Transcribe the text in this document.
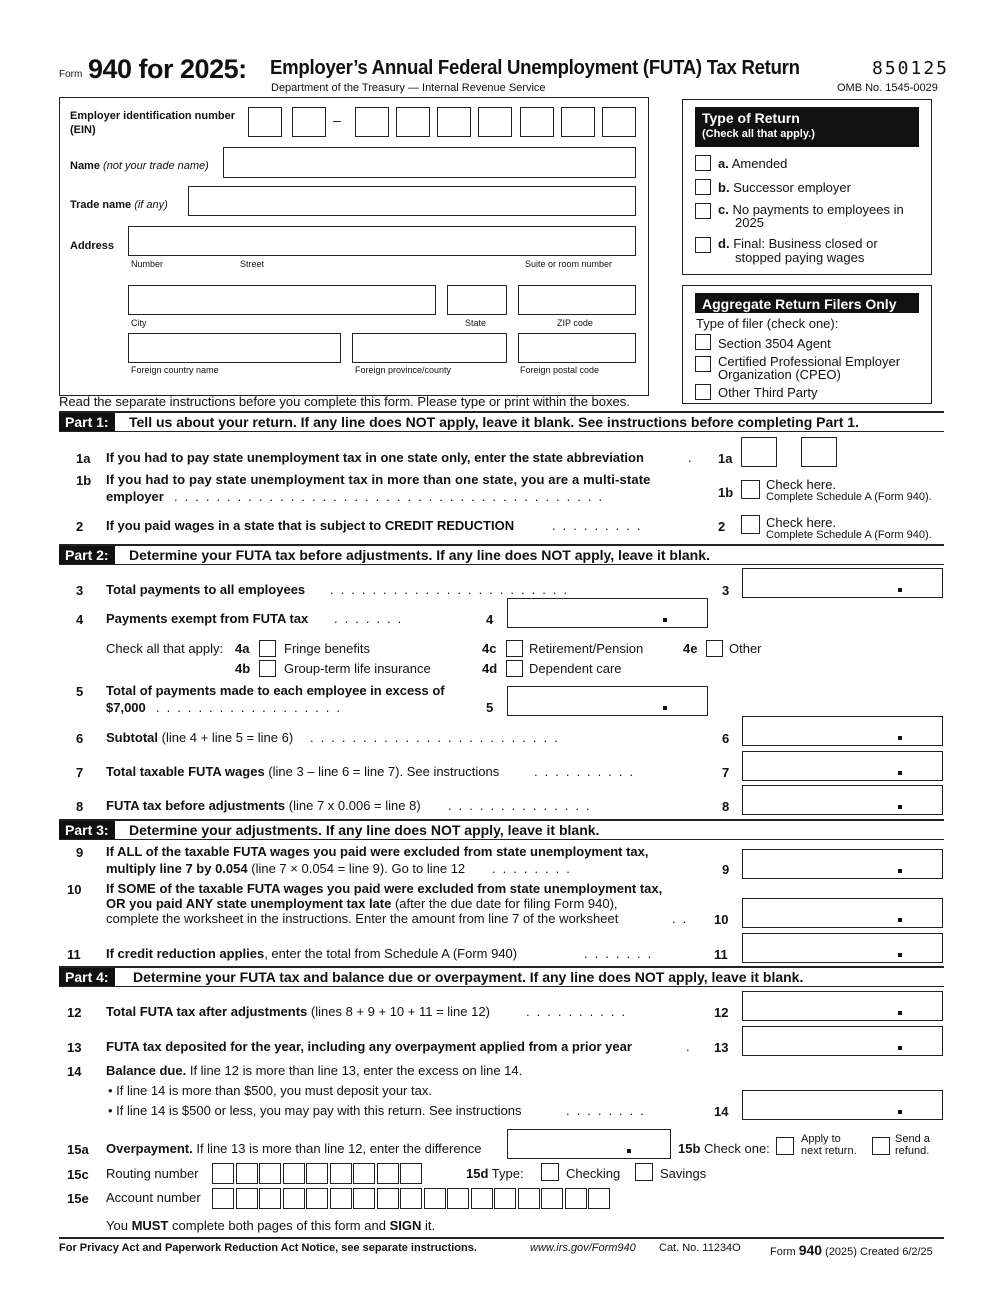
Form 940 for 2025: Employer’s Annual Federal Unemployment (FUTA) Tax Return
Department of the Treasury — Internal Revenue Service
850125
OMB No. 1545-0029
Employer identification number
(EIN)
–
Name (not your trade name)
Trade name (if any)
Address
Number	Street	Suite or room number
City	State	ZIP code
Foreign country name	Foreign province/county	Foreign postal code
Type of Return
(Check all that apply.)
a. Amended
b. Successor employer
c. No payments to employees in
2025
d. Final: Business closed or
stopped paying wages
Aggregate Return Filers Only
Type of filer (check one):
Section 3504 Agent
Certified Professional Employer
Organization (CPEO)
Other Third Party
Read the separate instructions before you complete this form. Please type or print within the boxes.
Part 1:	Tell us about your return. If any line does NOT apply, leave it blank. See instructions before completing Part 1.
1a If you had to pay state unemployment tax in one state only, enter the state abbreviation	. 1a
1b If you had to pay state unemployment tax in more than one state, you are a multi-state
employer .........................................	1b
Check here.
Complete Schedule A (Form 940).
2 If you paid wages in a state that is subject to CREDIT REDUCTION	.........	2	Check here.
Complete Schedule A (Form 940).
Part 2:	Determine your FUTA tax before adjustments. If any line does NOT apply, leave it blank.
3 Total payments to all employees .......................	3
4 Payments exempt from FUTA tax .......	4
Check all that apply: 4a	Fringe benefits
4b	Group-term life insurance
4c	Retirement/Pension
4d Dependent care
4e Other
5 Total of payments made to each employee in excess of
$7,000 ..................	5
6 Subtotal (line 4 + line 5 = line 6) ........................	6
7 Total taxable FUTA wages (line 3 – line 6 = line 7). See instructions	..........	7
8 FUTA tax before adjustments (line 7 x 0.006 = line 8) ..............	8
Part 3:	Determine your adjustments. If any line does NOT apply, leave it blank.
9 If ALL of the taxable FUTA wages you paid were excluded from state unemployment tax,
multiply line 7 by 0.054 (line 7 × 0.054 = line 9). Go to line 12 ........	9
10 If SOME of the taxable FUTA wages you paid were excluded from state unemployment tax,
OR you paid ANY state unemployment tax late (after the due date for filing Form 940),
complete the worksheet in the instructions. Enter the amount from line 7 of the worksheet	.. 10
11 If credit reduction applies, enter the total from Schedule A (Form 940)	.......	11
Part 4:	Determine your FUTA tax and balance due or overpayment. If any line does NOT apply, leave it blank.
12 Total FUTA tax after adjustments (lines 8 + 9 + 10 + 11 = line 12)	..........	12
13 FUTA tax deposited for the year, including any overpayment applied from a prior year	. 13
14 Balance due. If line 12 is more than line 13, enter the excess on line 14.
• If line 14 is more than $500, you must deposit your tax.
• If line 14 is $500 or less, you may pay with this return. See instructions	........	14
15a Overpayment. If line 13 is more than line 12, enter the difference	15b Check one:
Apply to
next return.
Send a
refund.
15c Routing number	15d Type:	Checking	Savings
15e Account number
You MUST complete both pages of this form and SIGN it.
For Privacy Act and Paperwork Reduction Act Notice, see separate instructions.	www.irs.gov/Form940 Cat. No. 11234O	Form 940 (2025) Created 6/2/25
